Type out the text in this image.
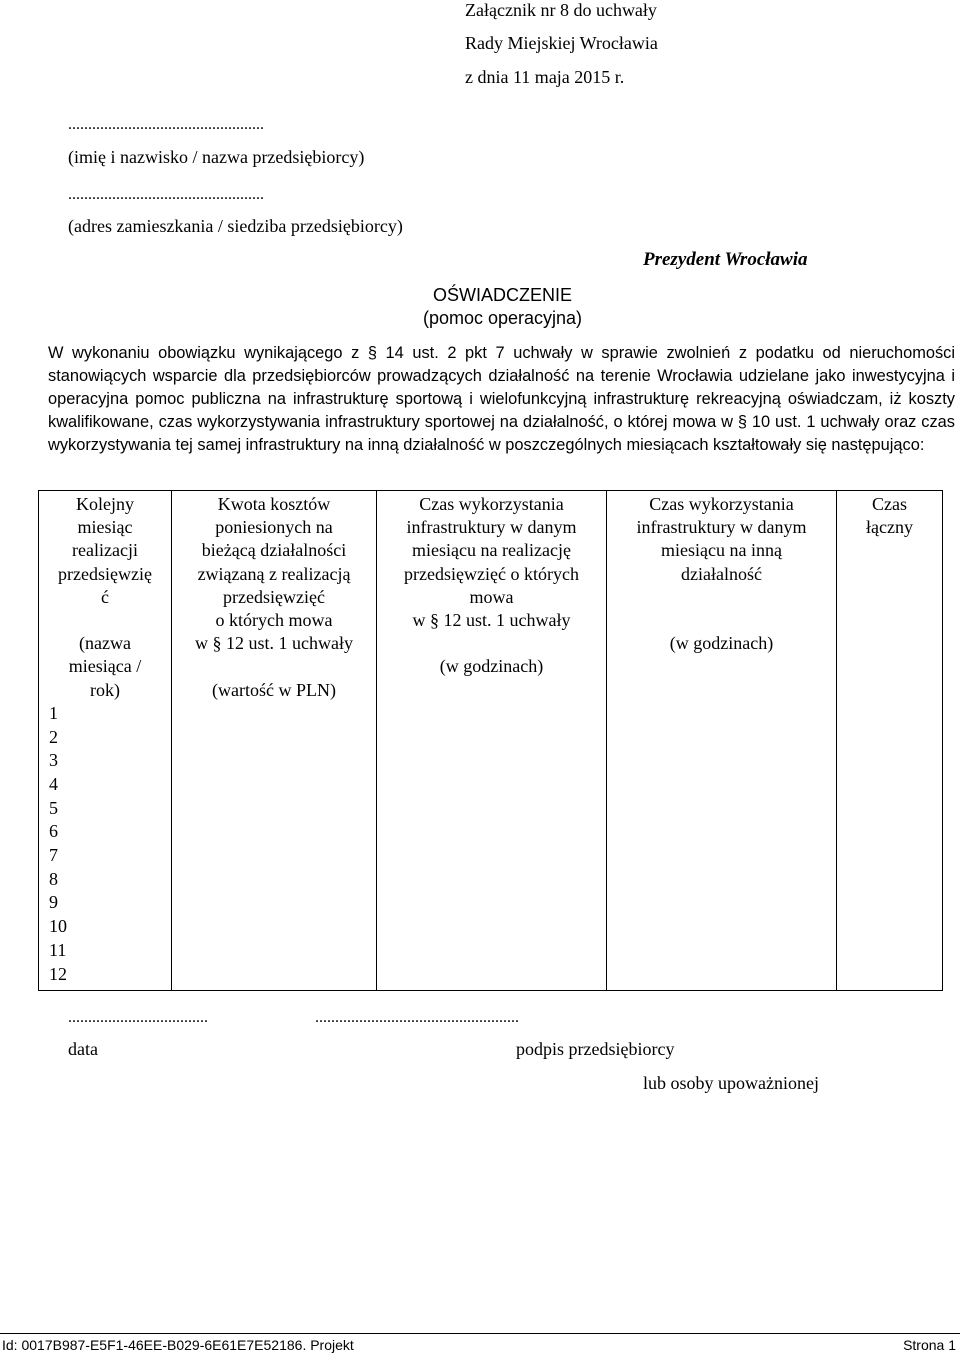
Załącznik nr 8 do uchwały
Rady Miejskiej Wrocławia
z dnia 11 maja 2015 r.
.................................................
(imię i nazwisko / nazwa przedsiębiorcy)
.................................................
(adres zamieszkania / siedziba przedsiębiorcy)
Prezydent Wrocławia
OŚWIADCZENIE
(pomoc operacyjna)
W wykonaniu obowiązku wynikającego z § 14 ust. 2 pkt 7 uchwały w sprawie zwolnień z podatku od nieruchomości stanowiących wsparcie dla przedsiębiorców prowadzących działalność na terenie Wrocławia udzielane jako inwestycyjna i operacyjna pomoc publiczna na infrastrukturę sportową i wielofunkcyjną infrastrukturę rekreacyjną oświadczam, iż koszty kwalifikowane, czas wykorzystywania infrastruktury sportowej na działalność, o której mowa w § 10 ust. 1 uchwały oraz czas wykorzystywania tej samej infrastruktury na inną działalność w poszczególnych miesiącach kształtowały się następująco:
Kolejny
miesiąc
realizacji
przedsięwzię
ć
(nazwa
miesiąca /
rok)
1
2
3
4
5
6
7
8
9
10
11
12

Kwota kosztów
poniesionych na
bieżącą działalności
związaną z realizacją
przedsięwzięć
o których mowa
w § 12 ust. 1 uchwały
(wartość w PLN)

Czas wykorzystania
infrastruktury w danym
miesiącu na realizację
przedsięwzięć o których
mowa
w § 12 ust. 1 uchwały
(w godzinach)

Czas wykorzystania
infrastruktury w danym
miesiącu na inną
działalność
(w godzinach)

Czas
łączny
...................................	...................................................
data	podpis przedsiębiorcy
lub osoby upoważnionej
Id: 0017B987-E5F1-46EE-B029-6E61E7E52186. Projekt	Strona 1
